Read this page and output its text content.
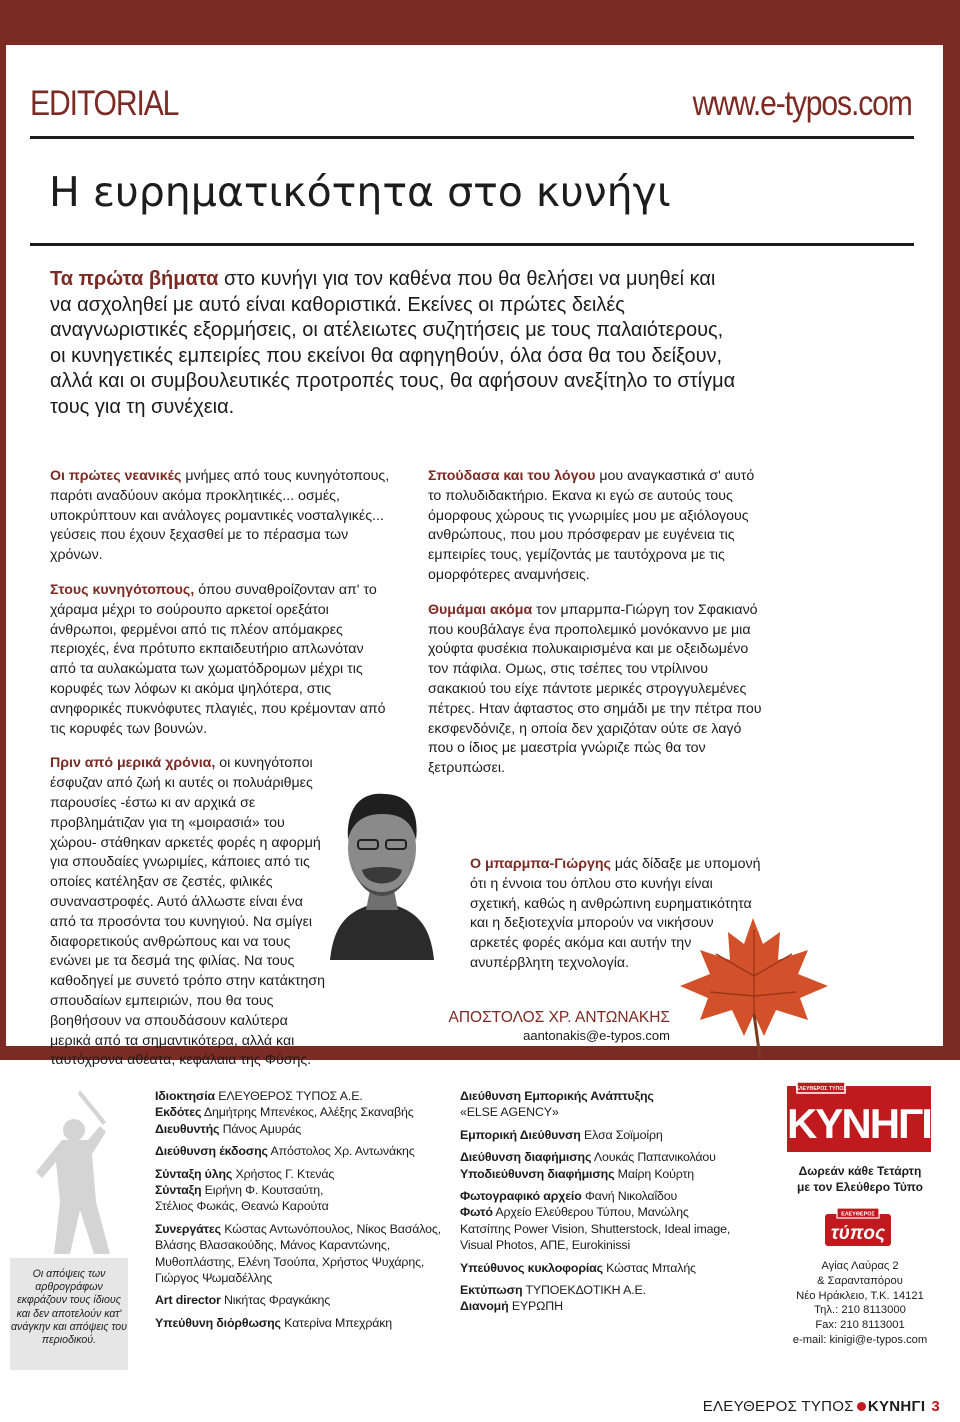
EDITORIAL	www.e-typos.com
Η ευρηματικότητα στο κυνήγι

Τα πρώτα βήματα στο κυνήγι για τον καθένα που θα θελήσει να μυηθεί και να ασχοληθεί με αυτό είναι καθοριστικά. Εκείνες οι πρώτες δειλές αναγνωριστικές εξορμήσεις, οι ατέλειωτες συζητήσεις με τους παλαιότερους, οι κυνηγετικές εμπειρίες που εκείνοι θα αφηγηθούν, όλα όσα θα του δείξουν, αλλά και οι συμβουλευτικές προτροπές τους, θα αφήσουν ανεξίτηλο το στίγμα τους για τη συνέχεια.

Οι πρώτες νεανικές μνήμες από τους κυνηγότοπους, παρότι αναδύουν ακόμα προκλητικές... οσμές, υποκρύπτουν και ανάλογες ρομαντικές νοσταλγικές... γεύσεις που έχουν ξεχασθεί με το πέρασμα των χρόνων.

Στους κυνηγότοπους, όπου συναθροίζονταν απ' το χάραμα μέχρι το σούρουπο αρκετοί ορεξάτοι άνθρωποι, φερμένοι από τις πλέον απόμακρες περιοχές, ένα πρότυπο εκπαιδευτήριο απλωνόταν από τα αυλακώματα των χωματόδρομων μέχρι τις κορυφές των λόφων κι ακόμα ψηλότερα, στις ανηφορικές πυκνόφυτες πλαγιές, που κρέμονταν από τις κορυφές των βουνών.

Πριν από μερικά χρόνια, οι κυνηγότοποι έσφυζαν από ζωή κι αυτές οι πολυάριθμες παρουσίες -έστω κι αν αρχικά σε προβλημάτιζαν για τη «μοιρασιά» του χώρου- στάθηκαν αρκετές φορές η αφορμή για σπουδαίες γνωριμίες, κάποιες από τις οποίες κατέληξαν σε ζεστές, φιλικές συναναστροφές. Αυτό άλλωστε είναι ένα από τα προσόντα του κυνηγιού. Να σμίγει διαφορετικούς ανθρώπους και να τους ενώνει με τα δεσμά της φιλίας. Να τους καθοδηγεί με συνετό τρόπο στην κατάκτηση σπουδαίων εμπειριών, που θα τους βοηθήσουν να σπουδάσουν καλύτερα μερικά από τα σημαντικότερα, αλλά και ταυτόχρονα αθέατα, κεφάλαια της Φύσης.

Σπούδασα και του λόγου μου αναγκαστικά σ' αυτό το πολυδιδακτήριο. Εκανα κι εγώ σε αυτούς τους όμορφους χώρους τις γνωριμίες μου με αξιόλογους ανθρώπους, που μου πρόσφεραν με ευγένεια τις εμπειρίες τους, γεμίζοντάς με ταυτόχρονα με τις ομορφότερες αναμνήσεις.

Θυμάμαι ακόμα τον μπαρμπα-Γιώργη τον Σφακιανό που κουβάλαγε ένα προπολεμικό μονόκαννο με μια χούφτα φυσέκια πολυκαιρισμένα και με οξειδωμένο τον πάφιλα. Ομως, στις τσέπες του ντρίλινου σακακιού του είχε πάντοτε μερικές στρογγυλεμένες πέτρες. Ηταν άφταστος στο σημάδι με την πέτρα που εκσφενδόνιζε, η οποία δεν χαριζόταν ούτε σε λαγό που ο ίδιος με μαεστρία γνώριζε πώς θα τον ξετρυπώσει.

Ο μπαρμπα-Γιώργης μάς δίδαξε με υπομονή ότι η έννοια του όπλου στο κυνήγι είναι σχετική, καθώς η ανθρώπινη ευρηματικότητα και η δεξιοτεχνία μπορούν να νικήσουν αρκετές φορές ακόμα και αυτήν την ανυπέρβλητη τεχνολογία.

ΑΠΟΣΤΟΛΟΣ ΧΡ. ΑΝΤΩΝΑΚΗΣ
aantonakis@e-typos.com
Οι απόψεις των αρθρογράφων εκφράζουν τους ίδιους και δεν αποτελούν κατ' ανάγκην και απόψεις του περιοδικού.
Ιδιοκτησία ΕΛΕΥΘΕΡΟΣ ΤΥΠΟΣ Α.Ε.
Εκδότες Δημήτρης Μπενέκος, Αλέξης Σκαναβής
Διευθυντής Πάνος Αμυράς
Διεύθυνση έκδοσης Απόστολος Χρ. Αντωνάκης
Σύνταξη ύλης Χρήστος Γ. Κτενάς
Σύνταξη Ειρήνη Φ. Κουτσαύτη,
Στέλιος Φωκάς, Θεανώ Καρούτα
Συνεργάτες Κώστας Αντωνόπουλος, Νίκος Βασάλος,
Βλάσης Βλασακούδης, Μάνος Καραντώνης,
Μυθοπλάστης, Ελένη Τσούπα, Χρήστος Ψυχάρης,
Γιώργος Ψωμαδέλλης
Art director Νικήτας Φραγκάκης
Υπεύθυνη διόρθωσης Κατερίνα Μπεχράκη
Διεύθυνση Εμπορικής Ανάπτυξης
«ELSE AGENCY»
Εμπορική Διεύθυνση Ελσα Σοϊμοίρη
Διεύθυνση διαφήμισης Λουκάς Παπανικολάου
Υποδιεύθυνση διαφήμισης Μαίρη Κούρτη
Φωτογραφικό αρχείο Φανή Νικολαΐδου
Φωτό Αρχείο Ελεύθερου Τύπου, Μανώλης
Κατσίπης Power Vision, Shutterstock, Ideal image,
Visual Photos, ΑΠΕ, Eurokinissi
Υπεύθυνος κυκλοφορίας Κώστας Μπαλής
Εκτύπωση ΤΥΠΟΕΚΔΟΤΙΚΗ Α.Ε.
Διανομή ΕΥΡΩΠΗ
ΕΛΕΥΘΕΡΟΣ ΤΥΠΟΣ
ΚΥΝΗΓΙ
Δωρεάν κάθε Τετάρτη
με τον Ελεύθερο Τύπο
ΕΛΕΥΘΕΡΟΣ
τύπος
Αγίας Λαύρας 2
& Σαρανταπόρου
Νέο Ηράκλειο, Τ.Κ. 14121
Τηλ.: 210 8113000
Fax: 210 8113001
e-mail: kinigi@e-typos.com
ΕΛΕΥΘΕΡΟΣ ΤΥΠΟΣ ΚΥΝΗΓΙ 3
